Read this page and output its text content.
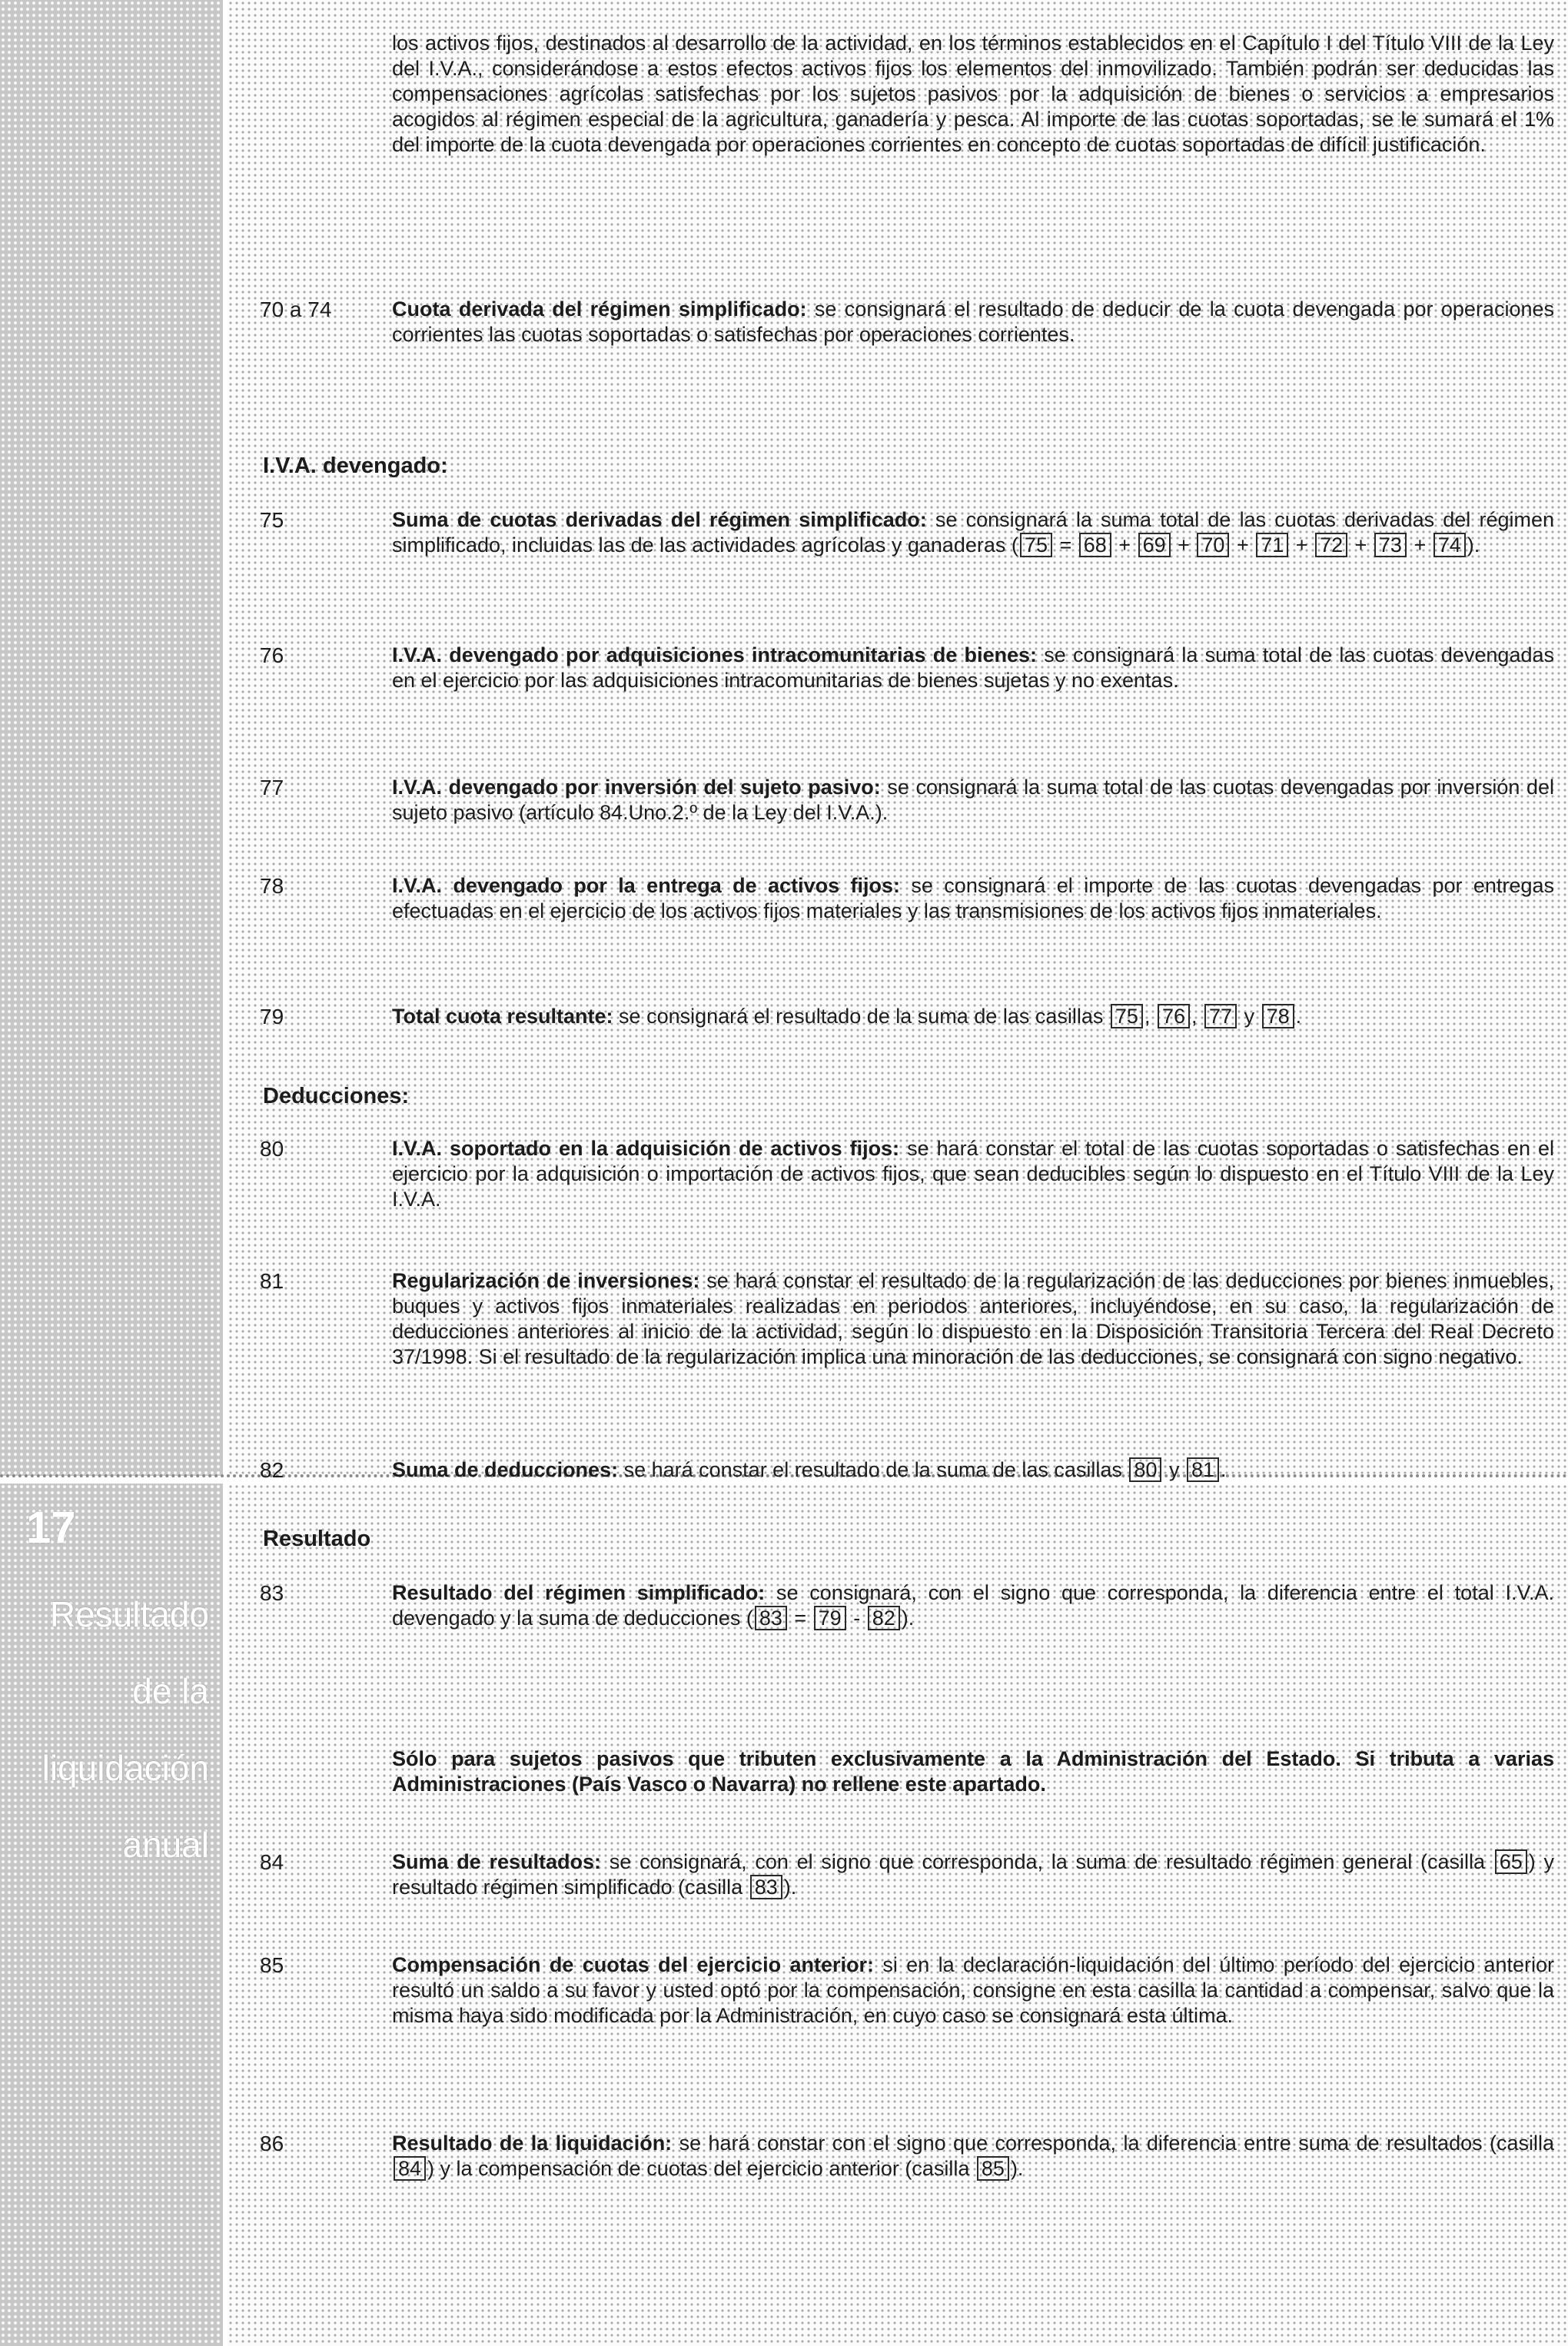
17
Resultado
de la
liquidación
anual

los activos fijos, destinados al desarrollo de la actividad, en los términos establecidos en el Capítulo I del Título VIII de la Ley del I.V.A., considerándose a estos efectos activos fijos los elementos del inmovilizado. También podrán ser deducidas las compensaciones agrícolas satisfechas por los sujetos pasivos por la adquisición de bienes o servicios a empresarios acogidos al régimen especial de la agricultura, ganadería y pesca. Al importe de las cuotas soportadas, se le sumará el 1% del importe de la cuota devengada por operaciones corrientes en concepto de cuotas soportadas de difícil justificación.

70 a 74	Cuota derivada del régimen simplificado: se consignará el resultado de deducir de la cuota devengada por operaciones corrientes las cuotas soportadas o satisfechas por operaciones corrientes.

I.V.A. devengado:
75	Suma de cuotas derivadas del régimen simplificado: se consignará la suma total de las cuotas derivadas del régimen simplificado, incluidas las de las actividades agrícolas y ganaderas ( 75 = 68 + 69 + 70 + 71 + 72 + 73 + 74 ).

76	I.V.A. devengado por adquisiciones intracomunitarias de bienes: se consignará la suma total de las cuotas devengadas en el ejercicio por las adquisiciones intracomunitarias de bienes sujetas y no exentas.

77	I.V.A. devengado por inversión del sujeto pasivo: se consignará la suma total de las cuotas devengadas por inversión del sujeto pasivo (artículo 84.Uno.2.º de la Ley del I.V.A.).

78	I.V.A. devengado por la entrega de activos fijos: se consignará el importe de las cuotas devengadas por entregas efectuadas en el ejercicio de los activos fijos materiales y las transmisiones de los activos fijos inmateriales.

79	Total cuota resultante: se consignará el resultado de la suma de las casillas 75 , 76 , 77 y 78 .

Deducciones:
80	I.V.A. soportado en la adquisición de activos fijos: se hará constar el total de las cuotas soportadas o satisfechas en el ejercicio por la adquisición o importación de activos fijos, que sean deducibles según lo dispuesto en el Título VIII de la Ley I.V.A.

81	Regularización de inversiones: se hará constar el resultado de la regularización de las deducciones por bienes inmuebles, buques y activos fijos inmateriales realizadas en periodos anteriores, incluyéndose, en su caso, la regularización de deducciones anteriores al inicio de la actividad, según lo dispuesto en la Disposición Transitoria Tercera del Real Decreto 37/1998. Si el resultado de la regularización implica una minoración de las deducciones, se consignará con signo negativo.

82	Suma de deducciones: se hará constar el resultado de la suma de las casillas 80 y 81 .

Resultado
83	Resultado del régimen simplificado: se consignará, con el signo que corresponda, la diferencia entre el total I.V.A. devengado y la suma de deducciones ( 83 = 79 - 82 ).

Sólo para sujetos pasivos que tributen exclusivamente a la Administración del Estado. Si tributa a varias Administraciones (País Vasco o Navarra) no rellene este apartado.

84	Suma de resultados: se consignará, con el signo que corresponda, la suma de resultado régimen general (casilla 65 ) y resultado régimen simplificado (casilla 83 ).

85	Compensación de cuotas del ejercicio anterior: si en la declaración-liquidación del último período del ejercicio anterior resultó un saldo a su favor y usted optó por la compensación, consigne en esta casilla la cantidad a compensar, salvo que la misma haya sido modificada por la Administración, en cuyo caso se consignará esta última.

86	Resultado de la liquidación: se hará constar con el signo que corresponda, la diferencia entre suma de resultados (casilla 84 ) y la compensación de cuotas del ejercicio anterior (casilla 85 ).
